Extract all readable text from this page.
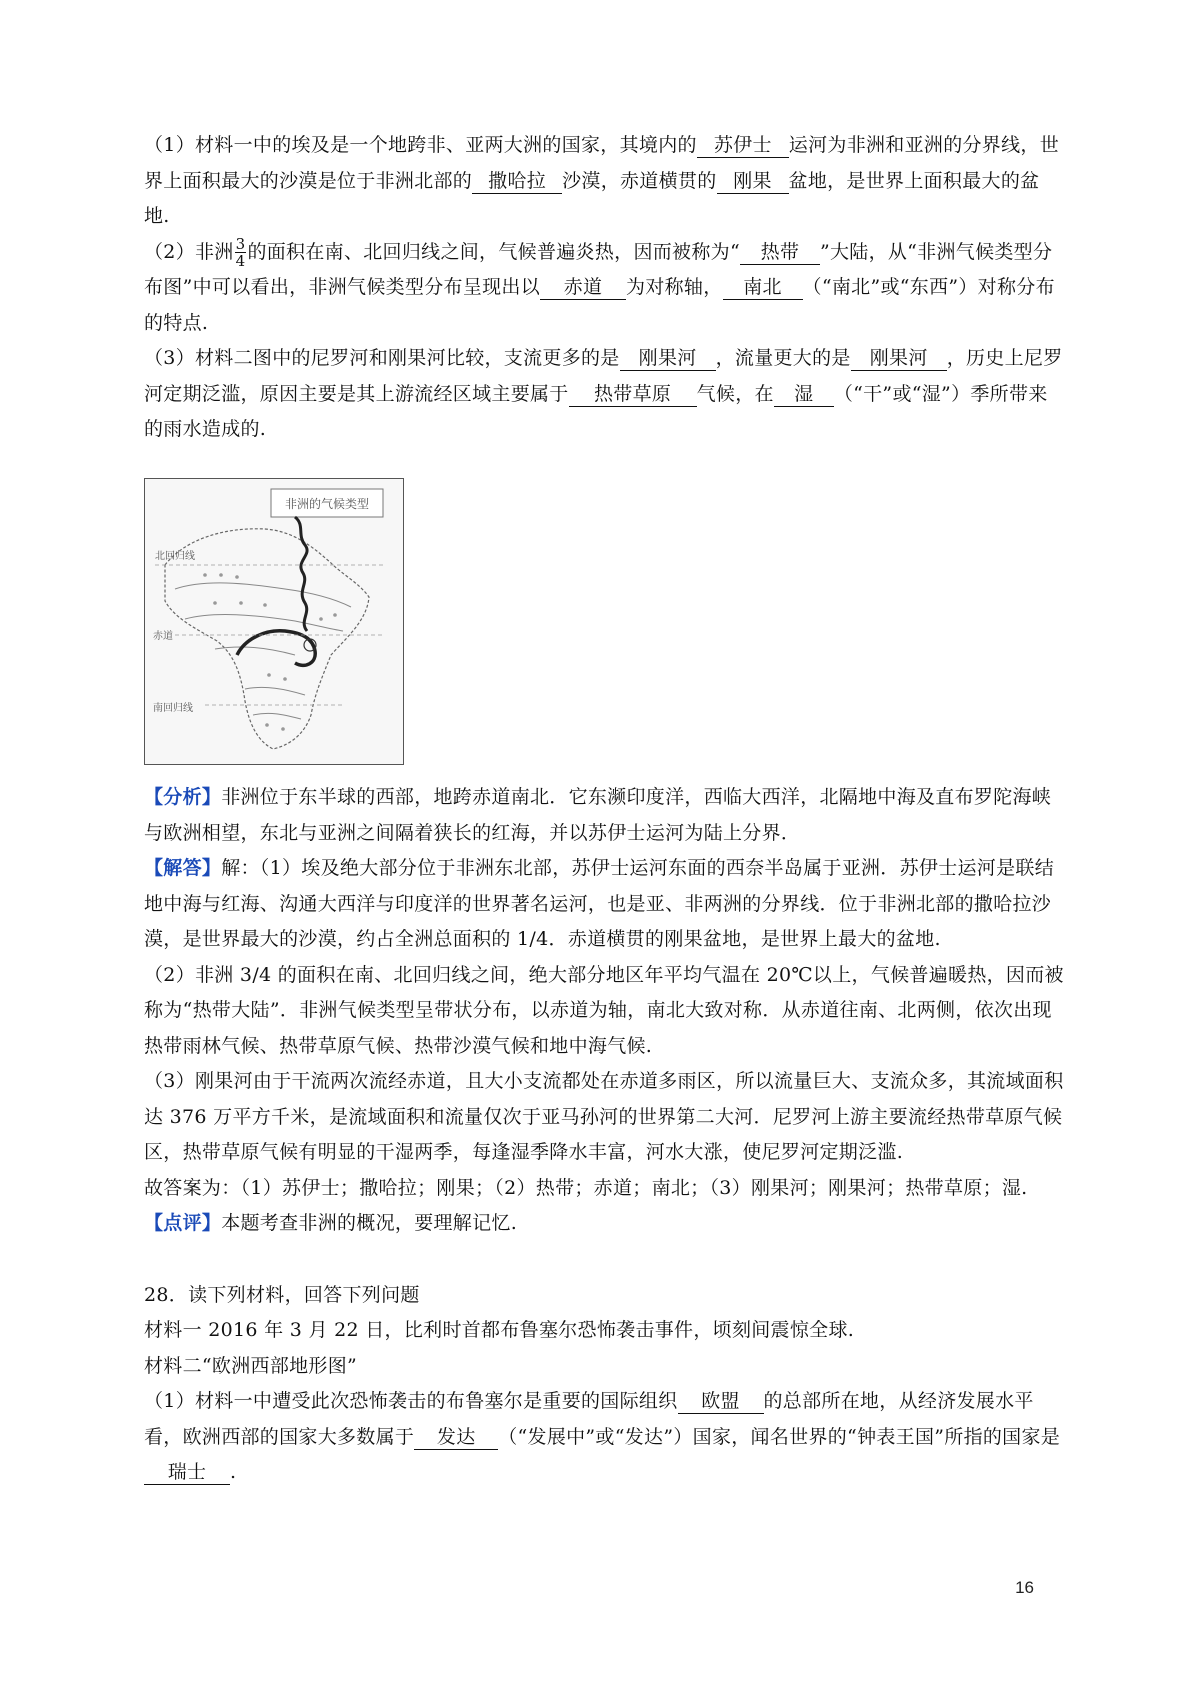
（1）材料一中的埃及是一个地跨非、亚两大洲的国家，其境内的 苏伊士 运河为非洲和亚洲的分界线，世界上面积最大的沙漠是位于非洲北部的 撒哈拉 沙漠，赤道横贯的 刚果 盆地，是世界上面积最大的盆地.

（2）非洲 $\frac{3}{4}$ 的面积在南、北回归线之间，气候普遍炎热，因而被称为“ 热带 ”大陆，从“非洲气候类型分布图”中可以看出，非洲气候类型分布呈现出以 赤道 为对称轴， 南北 （“南北”或“东西”）对称分布的特点.

（3）材料二图中的尼罗河和刚果河比较，支流更多的是 刚果河 ，流量更大的是 刚果河 ，历史上尼罗河定期泛滥，原因主要是其上游流经区域主要属于 热带草原 气候，在 湿 （“干”或“湿”）季所带来的雨水造成的.

非洲的气候类型
北回归线
赤道
南回归线

【分析】非洲位于东半球的西部，地跨赤道南北．它东濒印度洋，西临大西洋，北隔地中海及直布罗陀海峡与欧洲相望，东北与亚洲之间隔着狭长的红海，并以苏伊士运河为陆上分界．

【解答】解：（1）埃及绝大部分位于非洲东北部，苏伊士运河东面的西奈半岛属于亚洲．苏伊士运河是联结地中海与红海、沟通大西洋与印度洋的世界著名运河，也是亚、非两洲的分界线．位于非洲北部的撒哈拉沙漠，是世界最大的沙漠，约占全洲总面积的 1/4．赤道横贯的刚果盆地，是世界上最大的盆地.

（2）非洲 3/4 的面积在南、北回归线之间，绝大部分地区年平均气温在 20℃以上，气候普遍暖热，因而被称为“热带大陆”．非洲气候类型呈带状分布，以赤道为轴，南北大致对称．从赤道往南、北两侧，依次出现热带雨林气候、热带草原气候、热带沙漠气候和地中海气候.

（3）刚果河由于干流两次流经赤道，且大小支流都处在赤道多雨区，所以流量巨大、支流众多，其流域面积达 376 万平方千米，是流域面积和流量仅次于亚马孙河的世界第二大河．尼罗河上游主要流经热带草原气候区，热带草原气候有明显的干湿两季，每逢湿季降水丰富，河水大涨，使尼罗河定期泛滥.

故答案为：（1）苏伊士；撒哈拉；刚果；（2）热带；赤道；南北；（3）刚果河；刚果河；热带草原；湿.

【点评】本题考查非洲的概况，要理解记忆.

28．读下列材料，回答下列问题

材料一 2016 年 3 月 22 日，比利时首都布鲁塞尔恐怖袭击事件，顷刻间震惊全球.

材料二“欧洲西部地形图”

（1）材料一中遭受此次恐怖袭击的布鲁塞尔是重要的国际组织 欧盟 的总部所在地，从经济发展水平看，欧洲西部的国家大多数属于 发达 （“发展中”或“发达”）国家，闻名世界的“钟表王国”所指的国家是瑞士 .

16
